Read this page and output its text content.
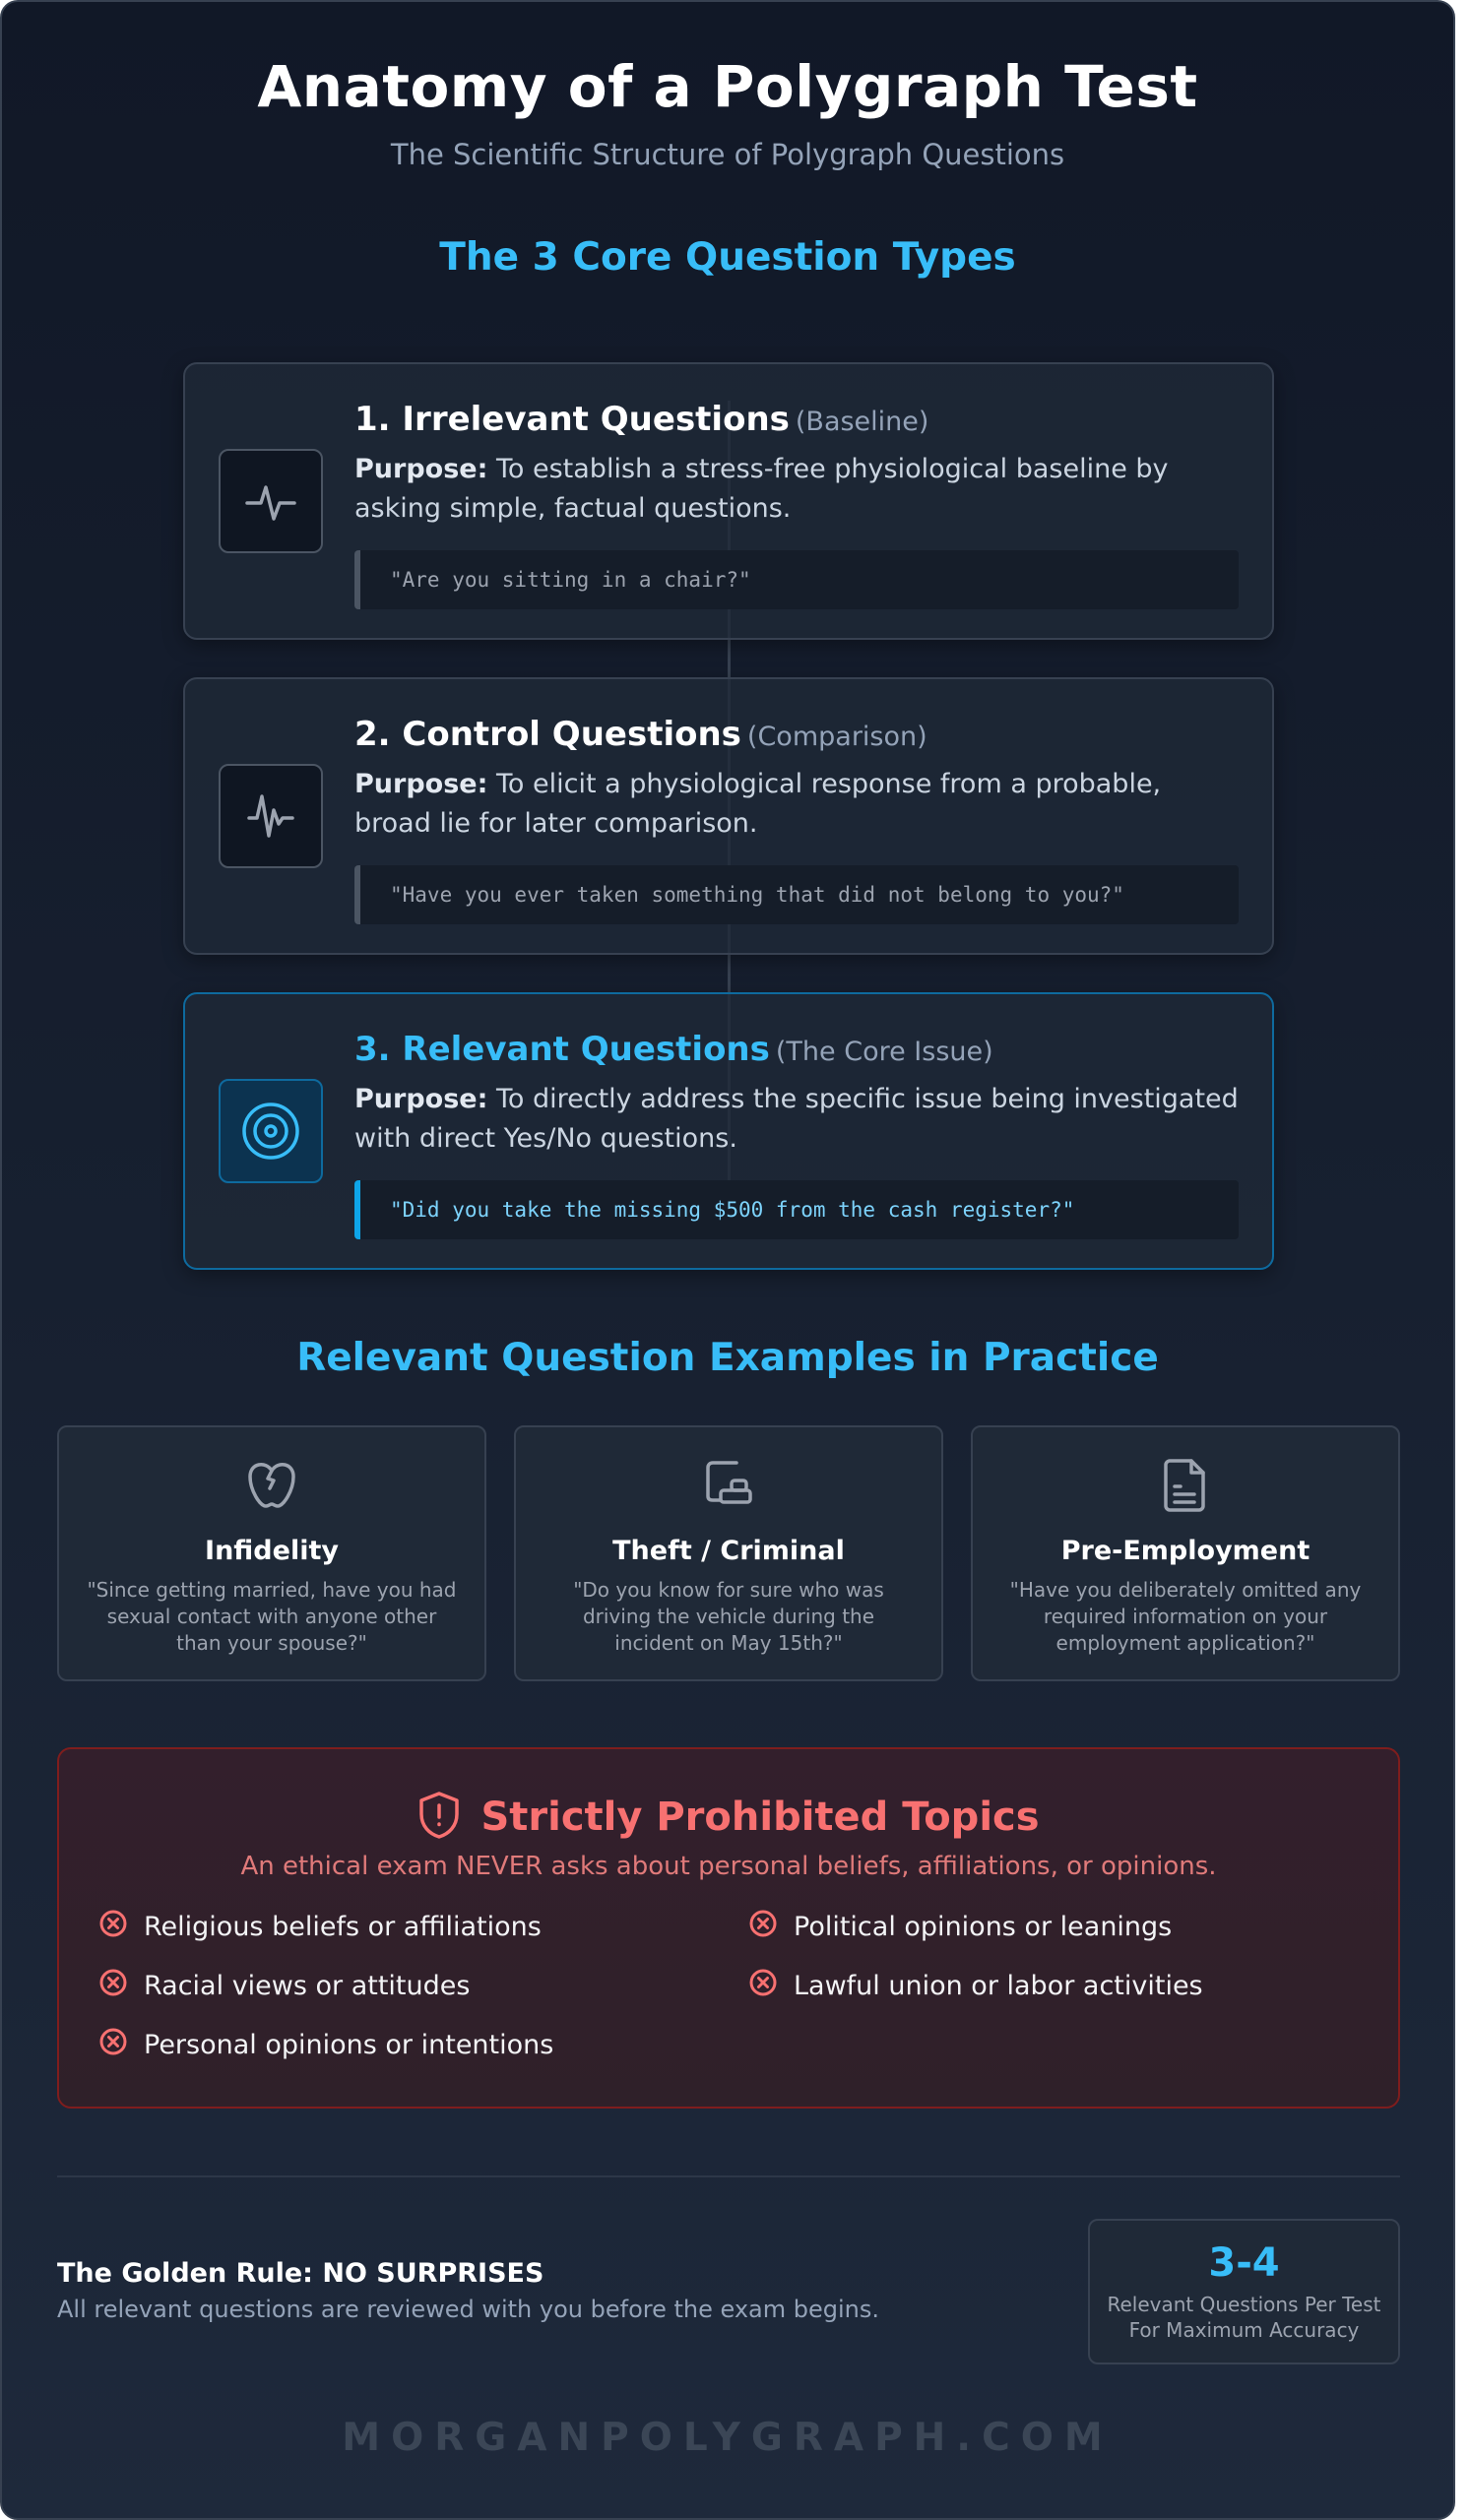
Anatomy of a Polygraph Test
The Scientific Structure of Polygraph Questions
The 3 Core Question Types
1. Irrelevant Questions (Baseline)
Purpose: To establish a stress-free physiological baseline by asking simple, factual questions.
"Are you sitting in a chair?"
2. Control Questions (Comparison)
Purpose: To elicit a physiological response from a probable, broad lie for later comparison.
"Have you ever taken something that did not belong to you?"
3. Relevant Questions (The Core Issue)
Purpose: To directly address the specific issue being investigated with direct Yes/No questions.
"Did you take the missing $500 from the cash register?"
Relevant Question Examples in Practice
Infidelity
"Since getting married, have you had sexual contact with anyone other than your spouse?"
Theft / Criminal
"Do you know for sure who was driving the vehicle during the incident on May 15th?"
Pre-Employment
"Have you deliberately omitted any required information on your employment application?"
Strictly Prohibited Topics
An ethical exam NEVER asks about personal beliefs, affiliations, or opinions.
Religious beliefs or affiliations	Political opinions or leanings
Racial views or attitudes	Lawful union or labor activities
Personal opinions or intentions
The Golden Rule: NO SURPRISES
All relevant questions are reviewed with you before the exam begins.
3-4
Relevant Questions Per Test
For Maximum Accuracy
MORGANPOLYGRAPH.COM
